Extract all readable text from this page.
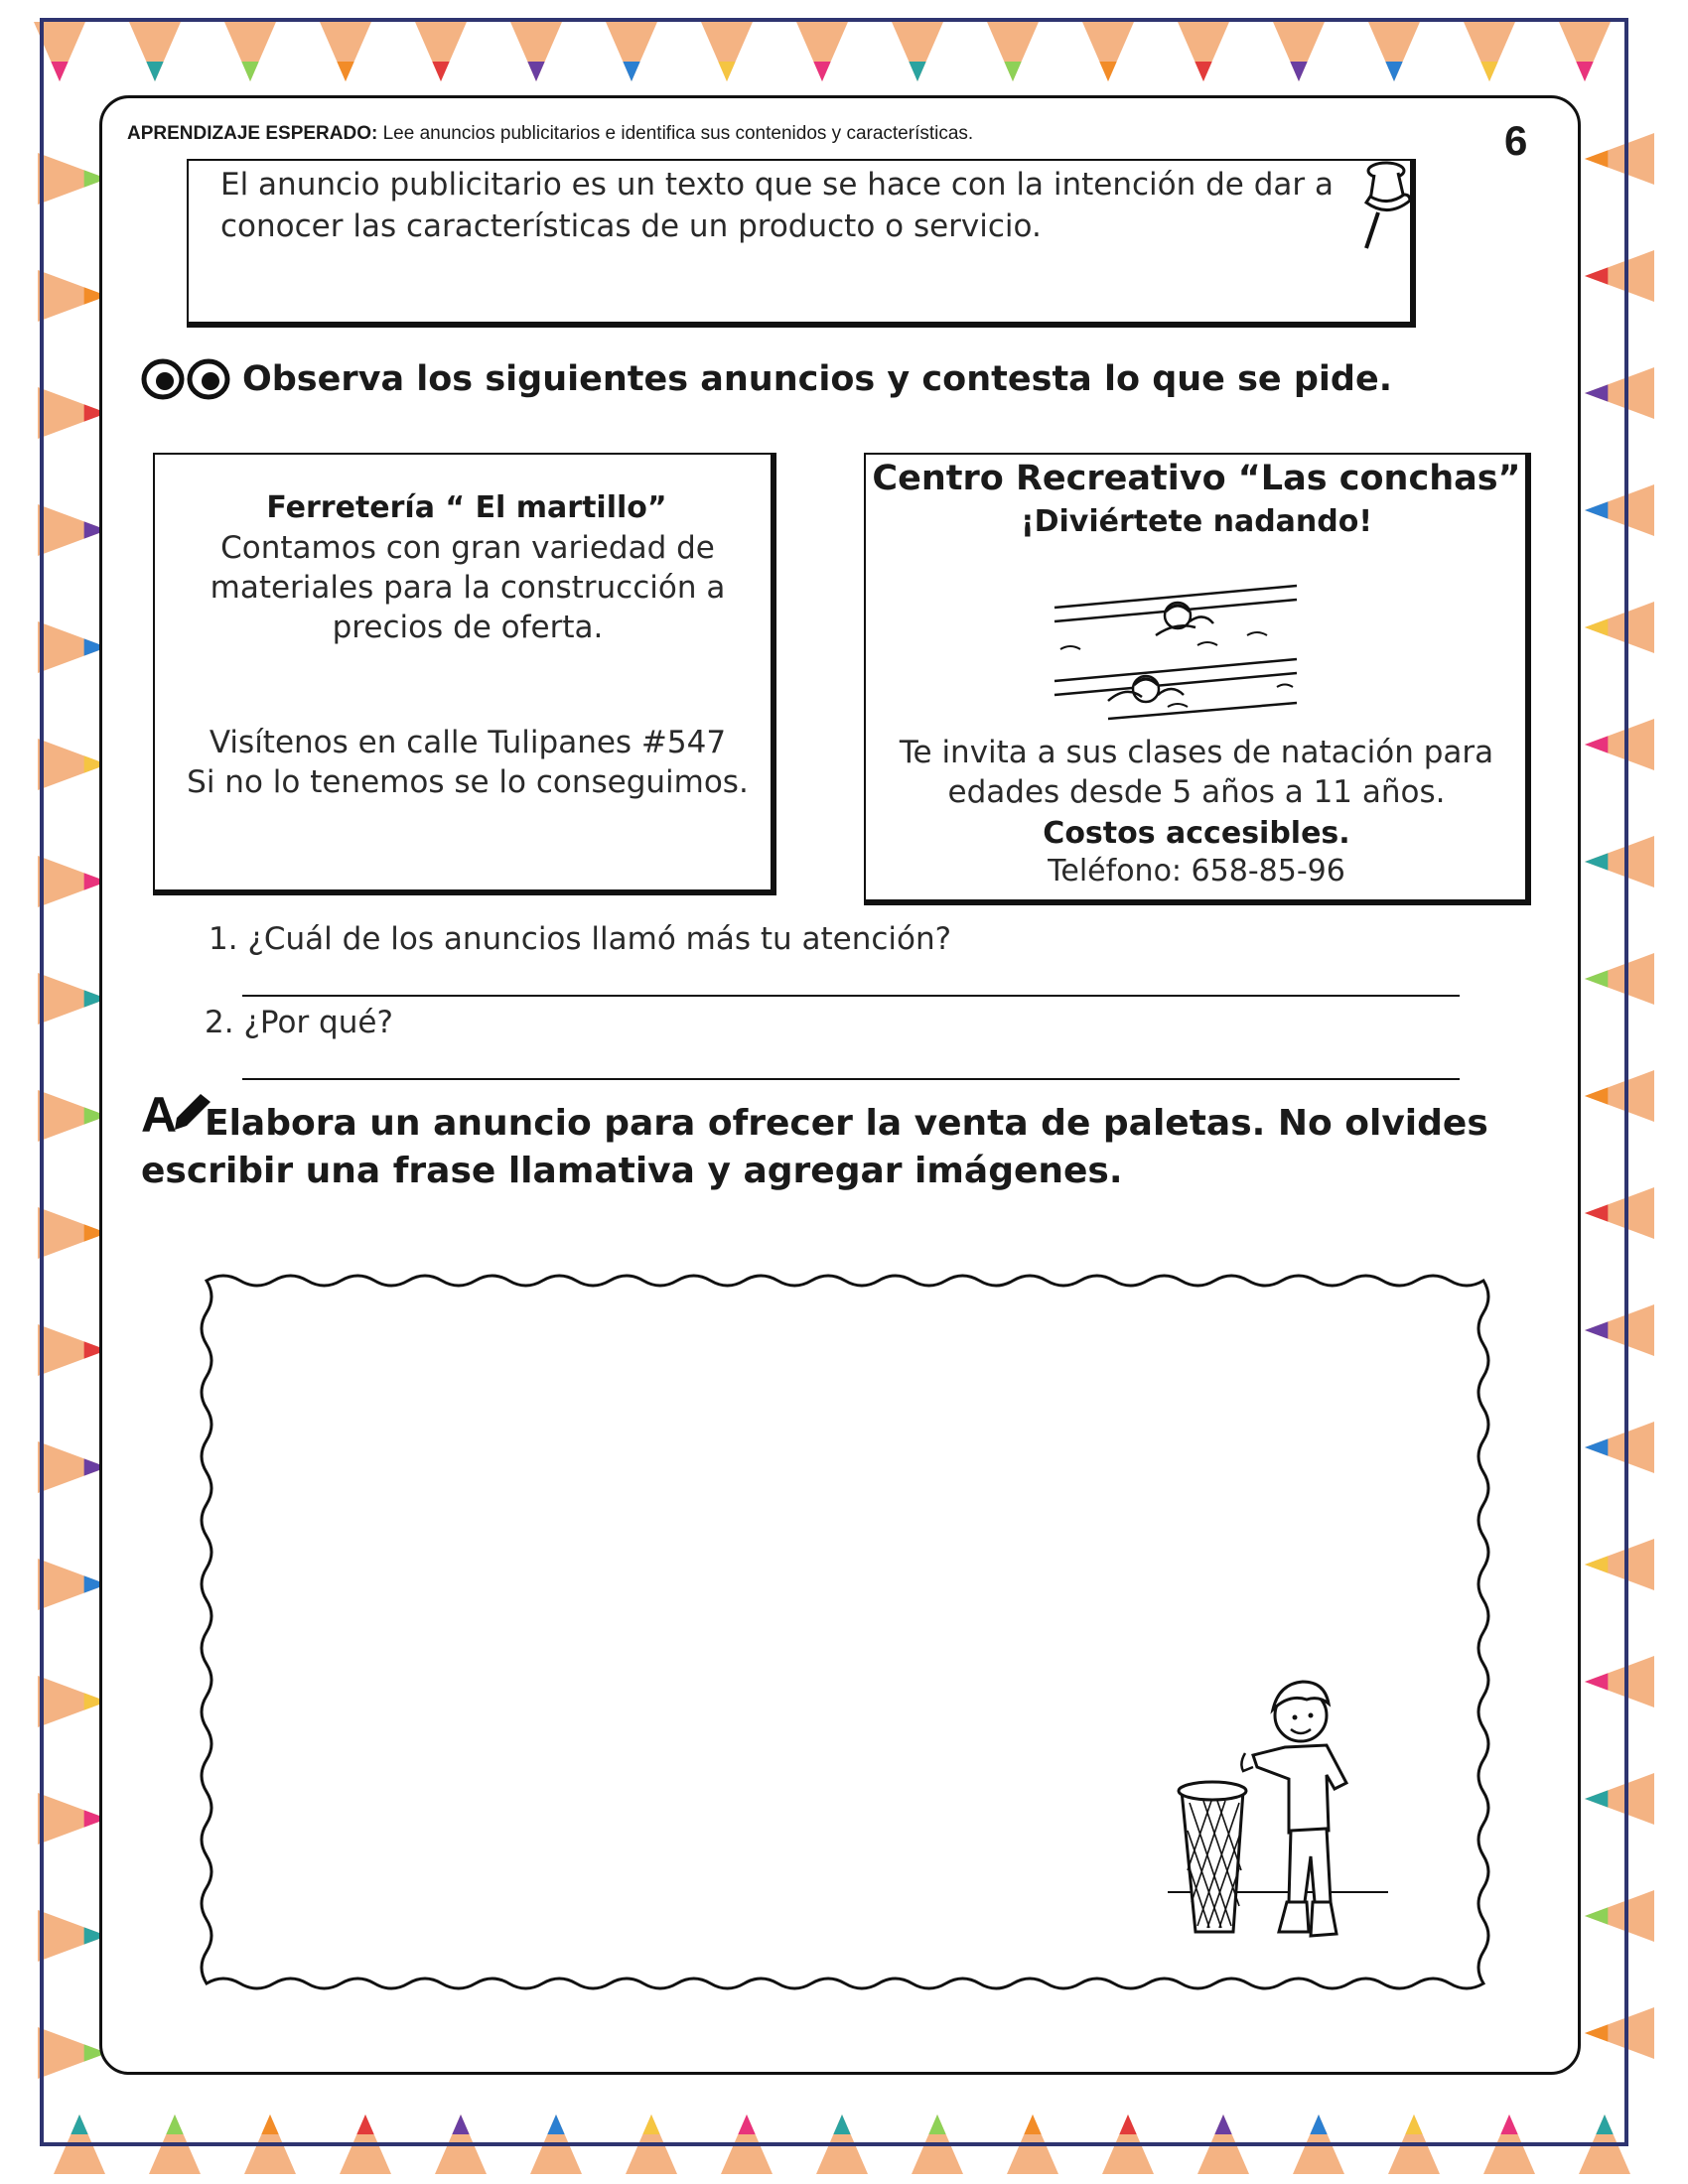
APRENDIZAJE ESPERADO: Lee anuncios publicitarios e identifica sus contenidos y características.	6
El anuncio publicitario es un texto que se hace con la intención de dar a conocer las características de un producto o servicio.
Observa los siguientes anuncios y contesta lo que se pide.
Ferretería “ El martillo”
Contamos con gran variedad de materiales para la construcción a precios de oferta.
Visítenos en calle Tulipanes #547
Si no lo tenemos se lo conseguimos.
Centro Recreativo “Las conchas”
¡Diviértete nadando!
Te invita a sus clases de natación para edades desde 5 años a 11 años.
Costos accesibles.
Teléfono: 658-85-96
1. ¿Cuál de los anuncios llamó más tu atención?
2. ¿Por qué?
A Elabora un anuncio para ofrecer la venta de paletas. No olvides escribir una frase llamativa y agregar imágenes.
